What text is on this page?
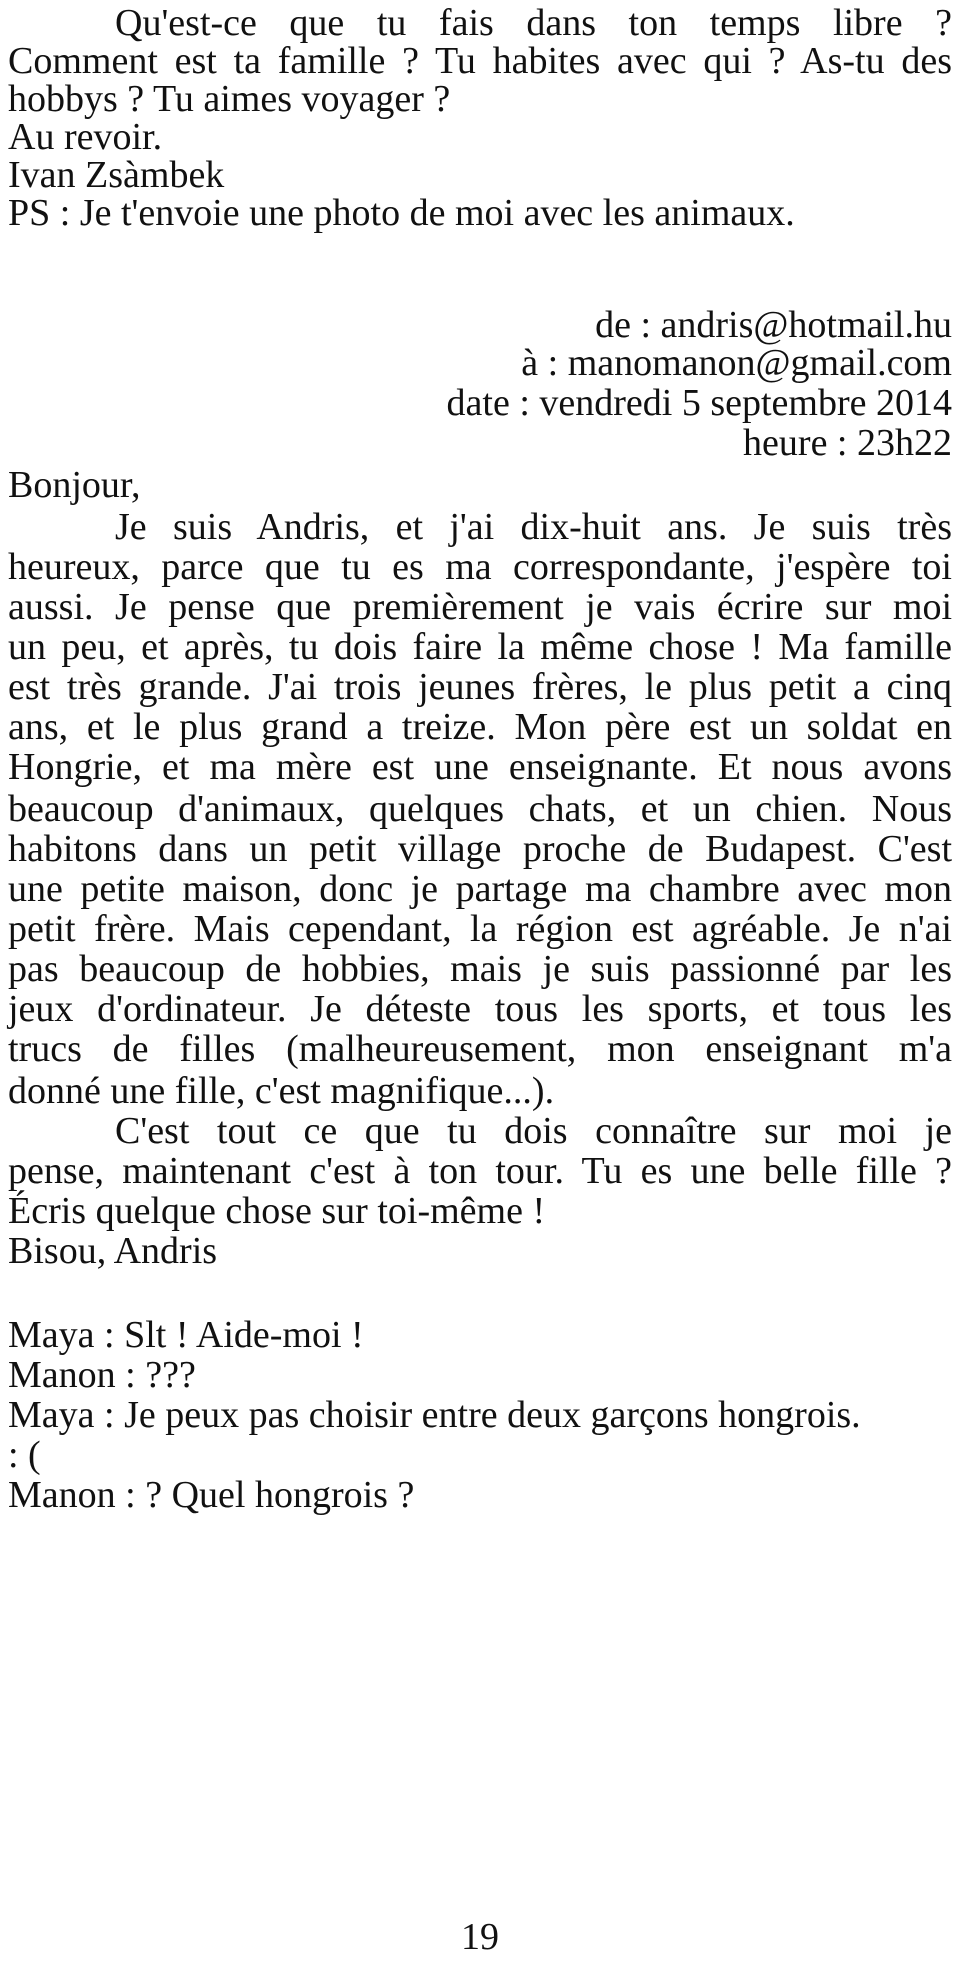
Qu'est-ce que tu fais dans ton temps libre ?
Comment est ta famille ? Tu habites avec qui ? As-tu des
hobbys ? Tu aimes voyager ?
Au revoir.
Ivan Zsàmbek
PS : Je t'envoie une photo de moi avec les animaux.
de : andris@hotmail.hu
à : manomanon@gmail.com
date : vendredi 5 septembre 2014
heure : 23h22
Bonjour,
Je suis Andris, et j'ai dix-huit ans. Je suis très
heureux, parce que tu es ma correspondante, j'espère toi
aussi. Je pense que premièrement je vais écrire sur moi
un peu, et après, tu dois faire la même chose ! Ma famille
est très grande. J'ai trois jeunes frères, le plus petit a cinq
ans, et le plus grand a treize. Mon père est un soldat en
Hongrie, et ma mère est une enseignante. Et nous avons
beaucoup d'animaux, quelques chats, et un chien. Nous
habitons dans un petit village proche de Budapest. C'est
une petite maison, donc je partage ma chambre avec mon
petit frère. Mais cependant, la région est agréable. Je n'ai
pas beaucoup de hobbies, mais je suis passionné par les
jeux d'ordinateur. Je déteste tous les sports, et tous les
trucs de filles (malheureusement, mon enseignant m'a
donné une fille, c'est magnifique...).
C'est tout ce que tu dois connaître sur moi je
pense, maintenant c'est à ton tour. Tu es une belle fille ?
Écris quelque chose sur toi-même !
Bisou, Andris
Maya : Slt ! Aide-moi !
Manon : ???
Maya : Je peux pas choisir entre deux garçons hongrois.
: (
Manon : ? Quel hongrois ?
19
